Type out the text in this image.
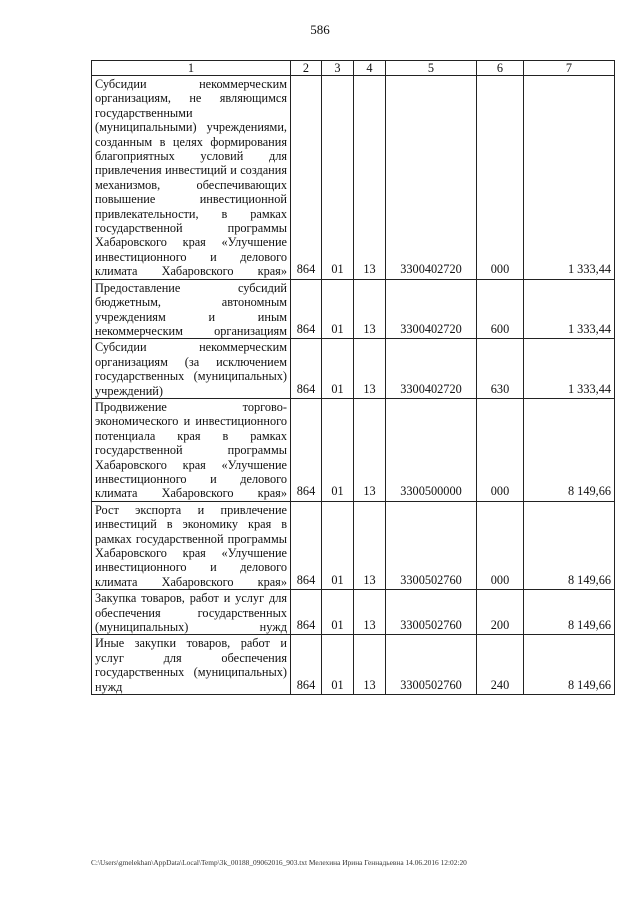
586
1	2	3	4	5	6	7
Субсидии некоммерческим организациям, не являющимся государственными (муниципальными) учреждениями, созданным в целях формирования благоприятных условий для привлечения инвестиций и создания механизмов, обеспечивающих повышение инвестиционной привлекательности, в рамках государственной программы Хабаровского края «Улучшение инвестиционного и делового климата Хабаровского края»	864	01	13	3300402720	000	1 333,44
Предоставление субсидий бюджетным, автономным учреждениям и иным некоммерческим организациям	864	01	13	3300402720	600	1 333,44
Субсидии некоммерческим организациям (за исключением государственных (муниципальных) учреждений)	864	01	13	3300402720	630	1 333,44
Продвижение торгово-экономического и инвестиционного потенциала края в рамках государственной программы Хабаровского края «Улучшение инвестиционного и делового климата Хабаровского края»	864	01	13	3300500000	000	8 149,66
Рост экспорта и привлечение инвестиций в экономику края в рамках государственной программы Хабаровского края «Улучшение инвестиционного и делового климата Хабаровского края»	864	01	13	3300502760	000	8 149,66
Закупка товаров, работ и услуг для обеспечения государственных (муниципальных) нужд	864	01	13	3300502760	200	8 149,66
Иные закупки товаров, работ и услуг для обеспечения государственных (муниципальных) нужд	864	01	13	3300502760	240	8 149,66
C:\Users\gmelekhan\AppData\Local\Temp\3k_00188_09062016_903.txt Мелехина Ирина Геннадьевна 14.06.2016 12:02:20
